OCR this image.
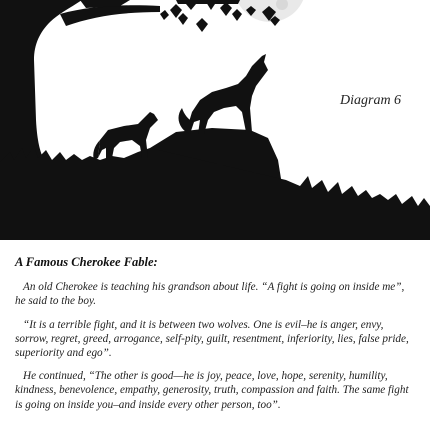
Diagram 6
A Famous Cherokee Fable:

An old Cherokee is teaching his grandson about life. “A fight is going on inside me”, he said to the boy.

“It is a terrible fight, and it is between two wolves. One is evil–he is anger, envy, sorrow, regret, greed, arrogance, self-pity, guilt, resentment, inferiority, lies, false pride, superiority and ego”.

He continued, “The other is good—he is joy, peace, love, hope, serenity, humility, kindness, benevolence, empathy, generosity, truth, compassion and faith. The same fight is going on inside you–and inside every other person, too”.
